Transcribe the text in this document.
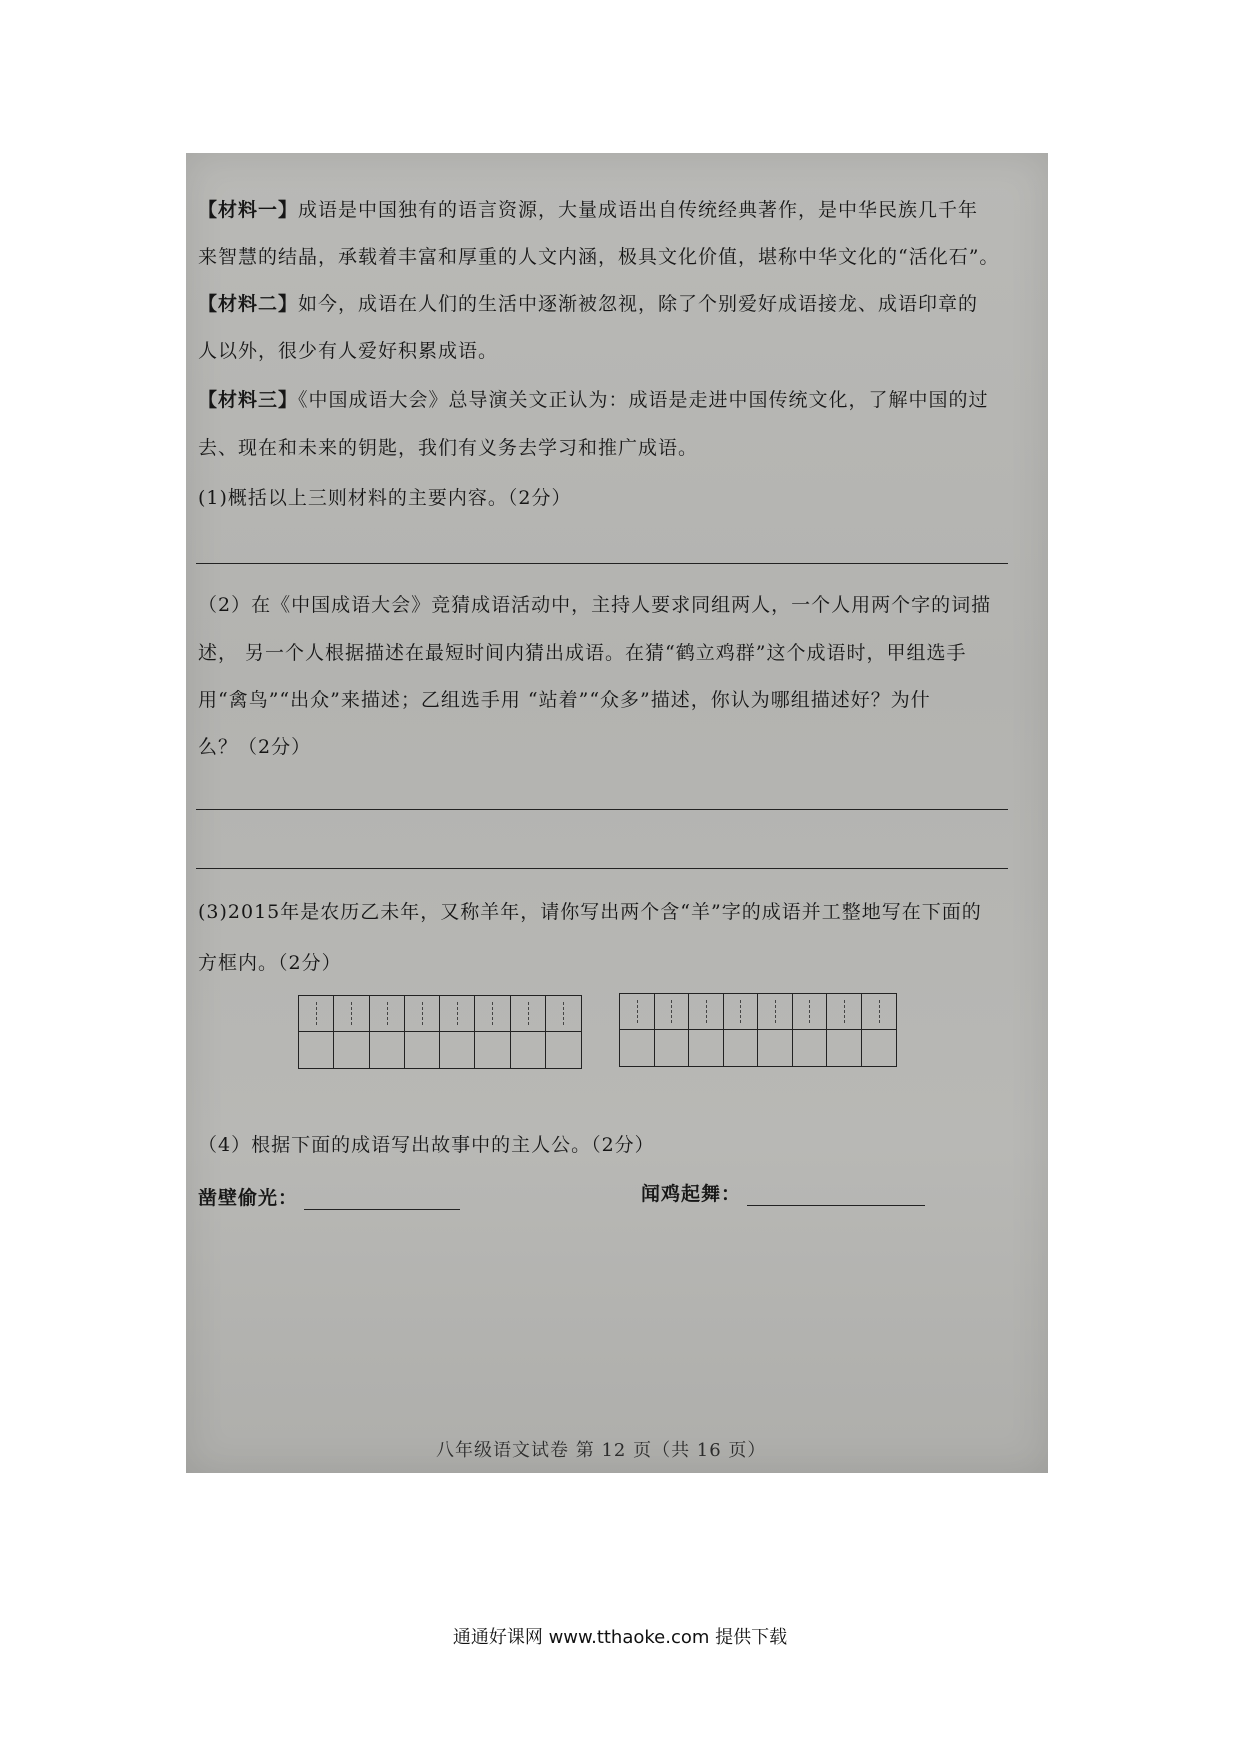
【材料一】成语是中国独有的语言资源，大量成语出自传统经典著作，是中华民族几千年
来智慧的结晶，承载着丰富和厚重的人文内涵，极具文化价值，堪称中华文化的“活化石”。
【材料二】如今，成语在人们的生活中逐渐被忽视，除了个别爱好成语接龙、成语印章的
人以外，很少有人爱好积累成语。
【材料三】《中国成语大会》总导演关文正认为：成语是走进中国传统文化，了解中国的过
去、现在和未来的钥匙，我们有义务去学习和推广成语。
(1)概括以上三则材料的主要内容。（2分）
（2）在《中国成语大会》竞猜成语活动中，主持人要求同组两人，一个人用两个字的词描
述， 另一个人根据描述在最短时间内猜出成语。在猜“鹤立鸡群”这个成语时，甲组选手
用“禽鸟”“出众”来描述；乙组选手用 “站着”“众多”描述，你认为哪组描述好？为什
么？（2分）
(3)2015年是农历乙未年，又称羊年，请你写出两个含“羊”字的成语并工整地写在下面的
方框内。（2分）
（4）根据下面的成语写出故事中的主人公。（2分）
凿壁偷光：	闻鸡起舞：
八年级语文试卷 第 12 页（共 16 页）
通通好课网 www.tthaoke.com 提供下载
